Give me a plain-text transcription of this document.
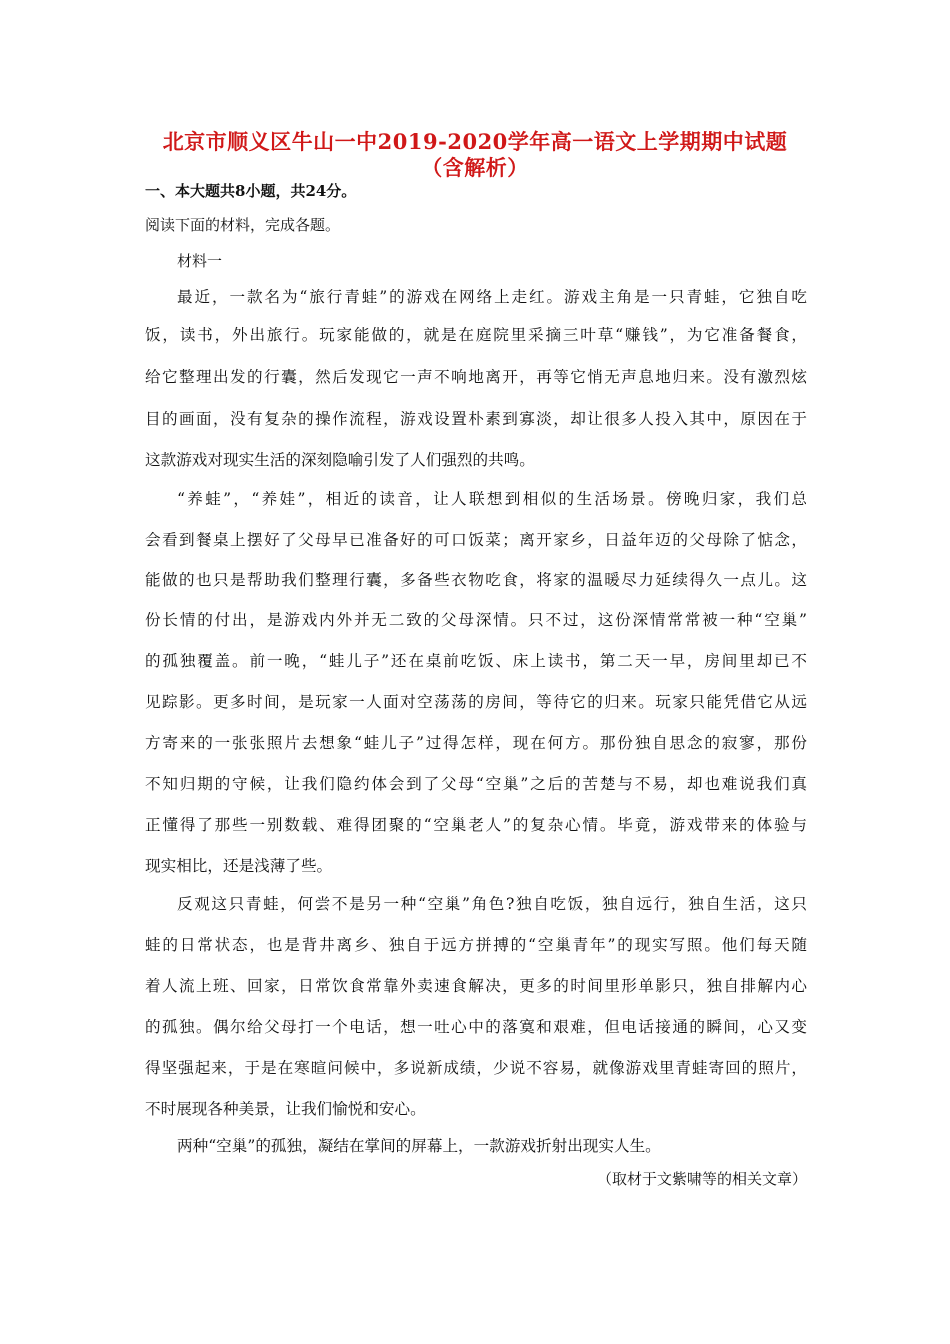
北京市顺义区牛山一中2019-2020学年高一语文上学期期中试题
（含解析）
一、本大题共8小题，共24分。
阅读下面的材料，完成各题。
材料一
最近，一款名为“旅行青蛙”的游戏在网络上走红。游戏主角是一只青蛙，它独自吃
饭，读书，外出旅行。玩家能做的，就是在庭院里采摘三叶草“赚钱”，为它准备餐食，
给它整理出发的行囊，然后发现它一声不响地离开，再等它悄无声息地归来。没有激烈炫
目的画面，没有复杂的操作流程，游戏设置朴素到寡淡，却让很多人投入其中，原因在于
这款游戏对现实生活的深刻隐喻引发了人们强烈的共鸣。
“养蛙”，“养娃”，相近的读音，让人联想到相似的生活场景。傍晚归家，我们总
会看到餐桌上摆好了父母早已准备好的可口饭菜；离开家乡，日益年迈的父母除了惦念，
能做的也只是帮助我们整理行囊，多备些衣物吃食，将家的温暖尽力延续得久一点儿。这
份长情的付出，是游戏内外并无二致的父母深情。只不过，这份深情常常被一种“空巢”
的孤独覆盖。前一晚，“蛙儿子”还在桌前吃饭、床上读书，第二天一早，房间里却已不
见踪影。更多时间，是玩家一人面对空荡荡的房间，等待它的归来。玩家只能凭借它从远
方寄来的一张张照片去想象“蛙儿子”过得怎样，现在何方。那份独自思念的寂寥，那份
不知归期的守候，让我们隐约体会到了父母“空巢”之后的苦楚与不易，却也难说我们真
正懂得了那些一别数载、难得团聚的“空巢老人”的复杂心情。毕竟，游戏带来的体验与
现实相比，还是浅薄了些。
反观这只青蛙，何尝不是另一种“空巢”角色?独自吃饭，独自远行，独自生活，这只
蛙的日常状态，也是背井离乡、独自于远方拼搏的“空巢青年”的现实写照。他们每天随
着人流上班、回家，日常饮食常靠外卖速食解决，更多的时间里形单影只，独自排解内心
的孤独。偶尔给父母打一个电话，想一吐心中的落寞和艰难，但电话接通的瞬间，心又变
得坚强起来，于是在寒暄问候中，多说新成绩，少说不容易，就像游戏里青蛙寄回的照片，
不时展现各种美景，让我们愉悦和安心。
两种“空巢”的孤独，凝结在掌间的屏幕上，一款游戏折射出现实人生。
（取材于文紫啸等的相关文章）
